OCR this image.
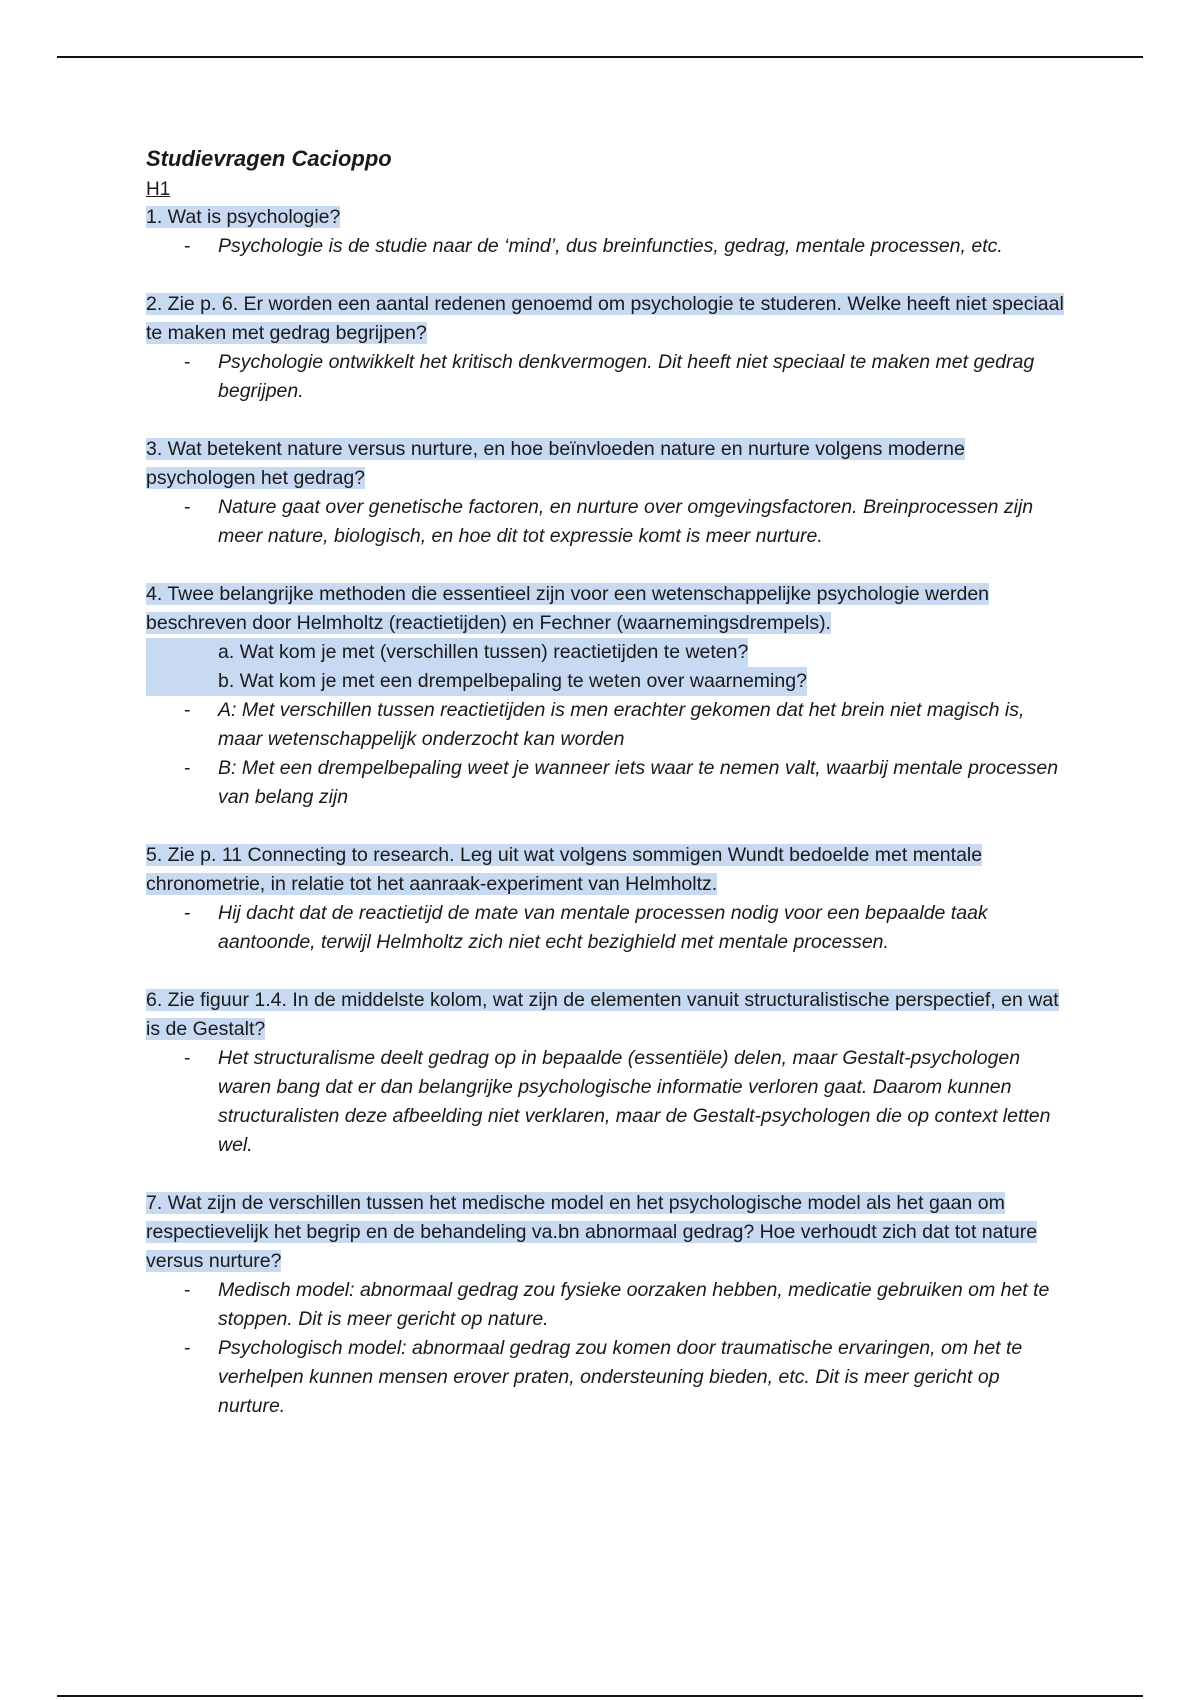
Studievragen Cacioppo

H1

1. Wat is psychologie?

- Psychologie is de studie naar de ‘mind’, dus breinfuncties, gedrag, mentale processen, etc.

2. Zie p. 6. Er worden een aantal redenen genoemd om psychologie te studeren. Welke heeft niet speciaal te maken met gedrag begrijpen?

- Psychologie ontwikkelt het kritisch denkvermogen. Dit heeft niet speciaal te maken met gedrag begrijpen.

3. Wat betekent nature versus nurture, en hoe beïnvloeden nature en nurture volgens moderne psychologen het gedrag?

- Nature gaat over genetische factoren, en nurture over omgevingsfactoren. Breinprocessen zijn meer nature, biologisch, en hoe dit tot expressie komt is meer nurture.

4. Twee belangrijke methoden die essentieel zijn voor een wetenschappelijke psychologie werden beschreven door Helmholtz (reactietijden) en Fechner (waarnemingsdrempels).

a. Wat kom je met (verschillen tussen) reactietijden te weten?

b. Wat kom je met een drempelbepaling te weten over waarneming?

- A: Met verschillen tussen reactietijden is men erachter gekomen dat het brein niet magisch is, maar wetenschappelijk onderzocht kan worden

- B: Met een drempelbepaling weet je wanneer iets waar te nemen valt, waarbij mentale processen van belang zijn

5. Zie p. 11 Connecting to research. Leg uit wat volgens sommigen Wundt bedoelde met mentale chronometrie, in relatie tot het aanraak-experiment van Helmholtz.

- Hij dacht dat de reactietijd de mate van mentale processen nodig voor een bepaalde taak aantoonde, terwijl Helmholtz zich niet echt bezighield met mentale processen.

6. Zie figuur 1.4. In de middelste kolom, wat zijn de elementen vanuit structuralistische perspectief, en wat is de Gestalt?

- Het structuralisme deelt gedrag op in bepaalde (essentiële) delen, maar Gestalt-psychologen waren bang dat er dan belangrijke psychologische informatie verloren gaat. Daarom kunnen structuralisten deze afbeelding niet verklaren, maar de Gestalt-psychologen die op context letten wel.

7. Wat zijn de verschillen tussen het medische model en het psychologische model als het gaan om respectievelijk het begrip en de behandeling va.bn abnormaal gedrag? Hoe verhoudt zich dat tot nature versus nurture?

- Medisch model: abnormaal gedrag zou fysieke oorzaken hebben, medicatie gebruiken om het te stoppen. Dit is meer gericht op nature.

- Psychologisch model: abnormaal gedrag zou komen door traumatische ervaringen, om het te verhelpen kunnen mensen erover praten, ondersteuning bieden, etc. Dit is meer gericht op nurture.
